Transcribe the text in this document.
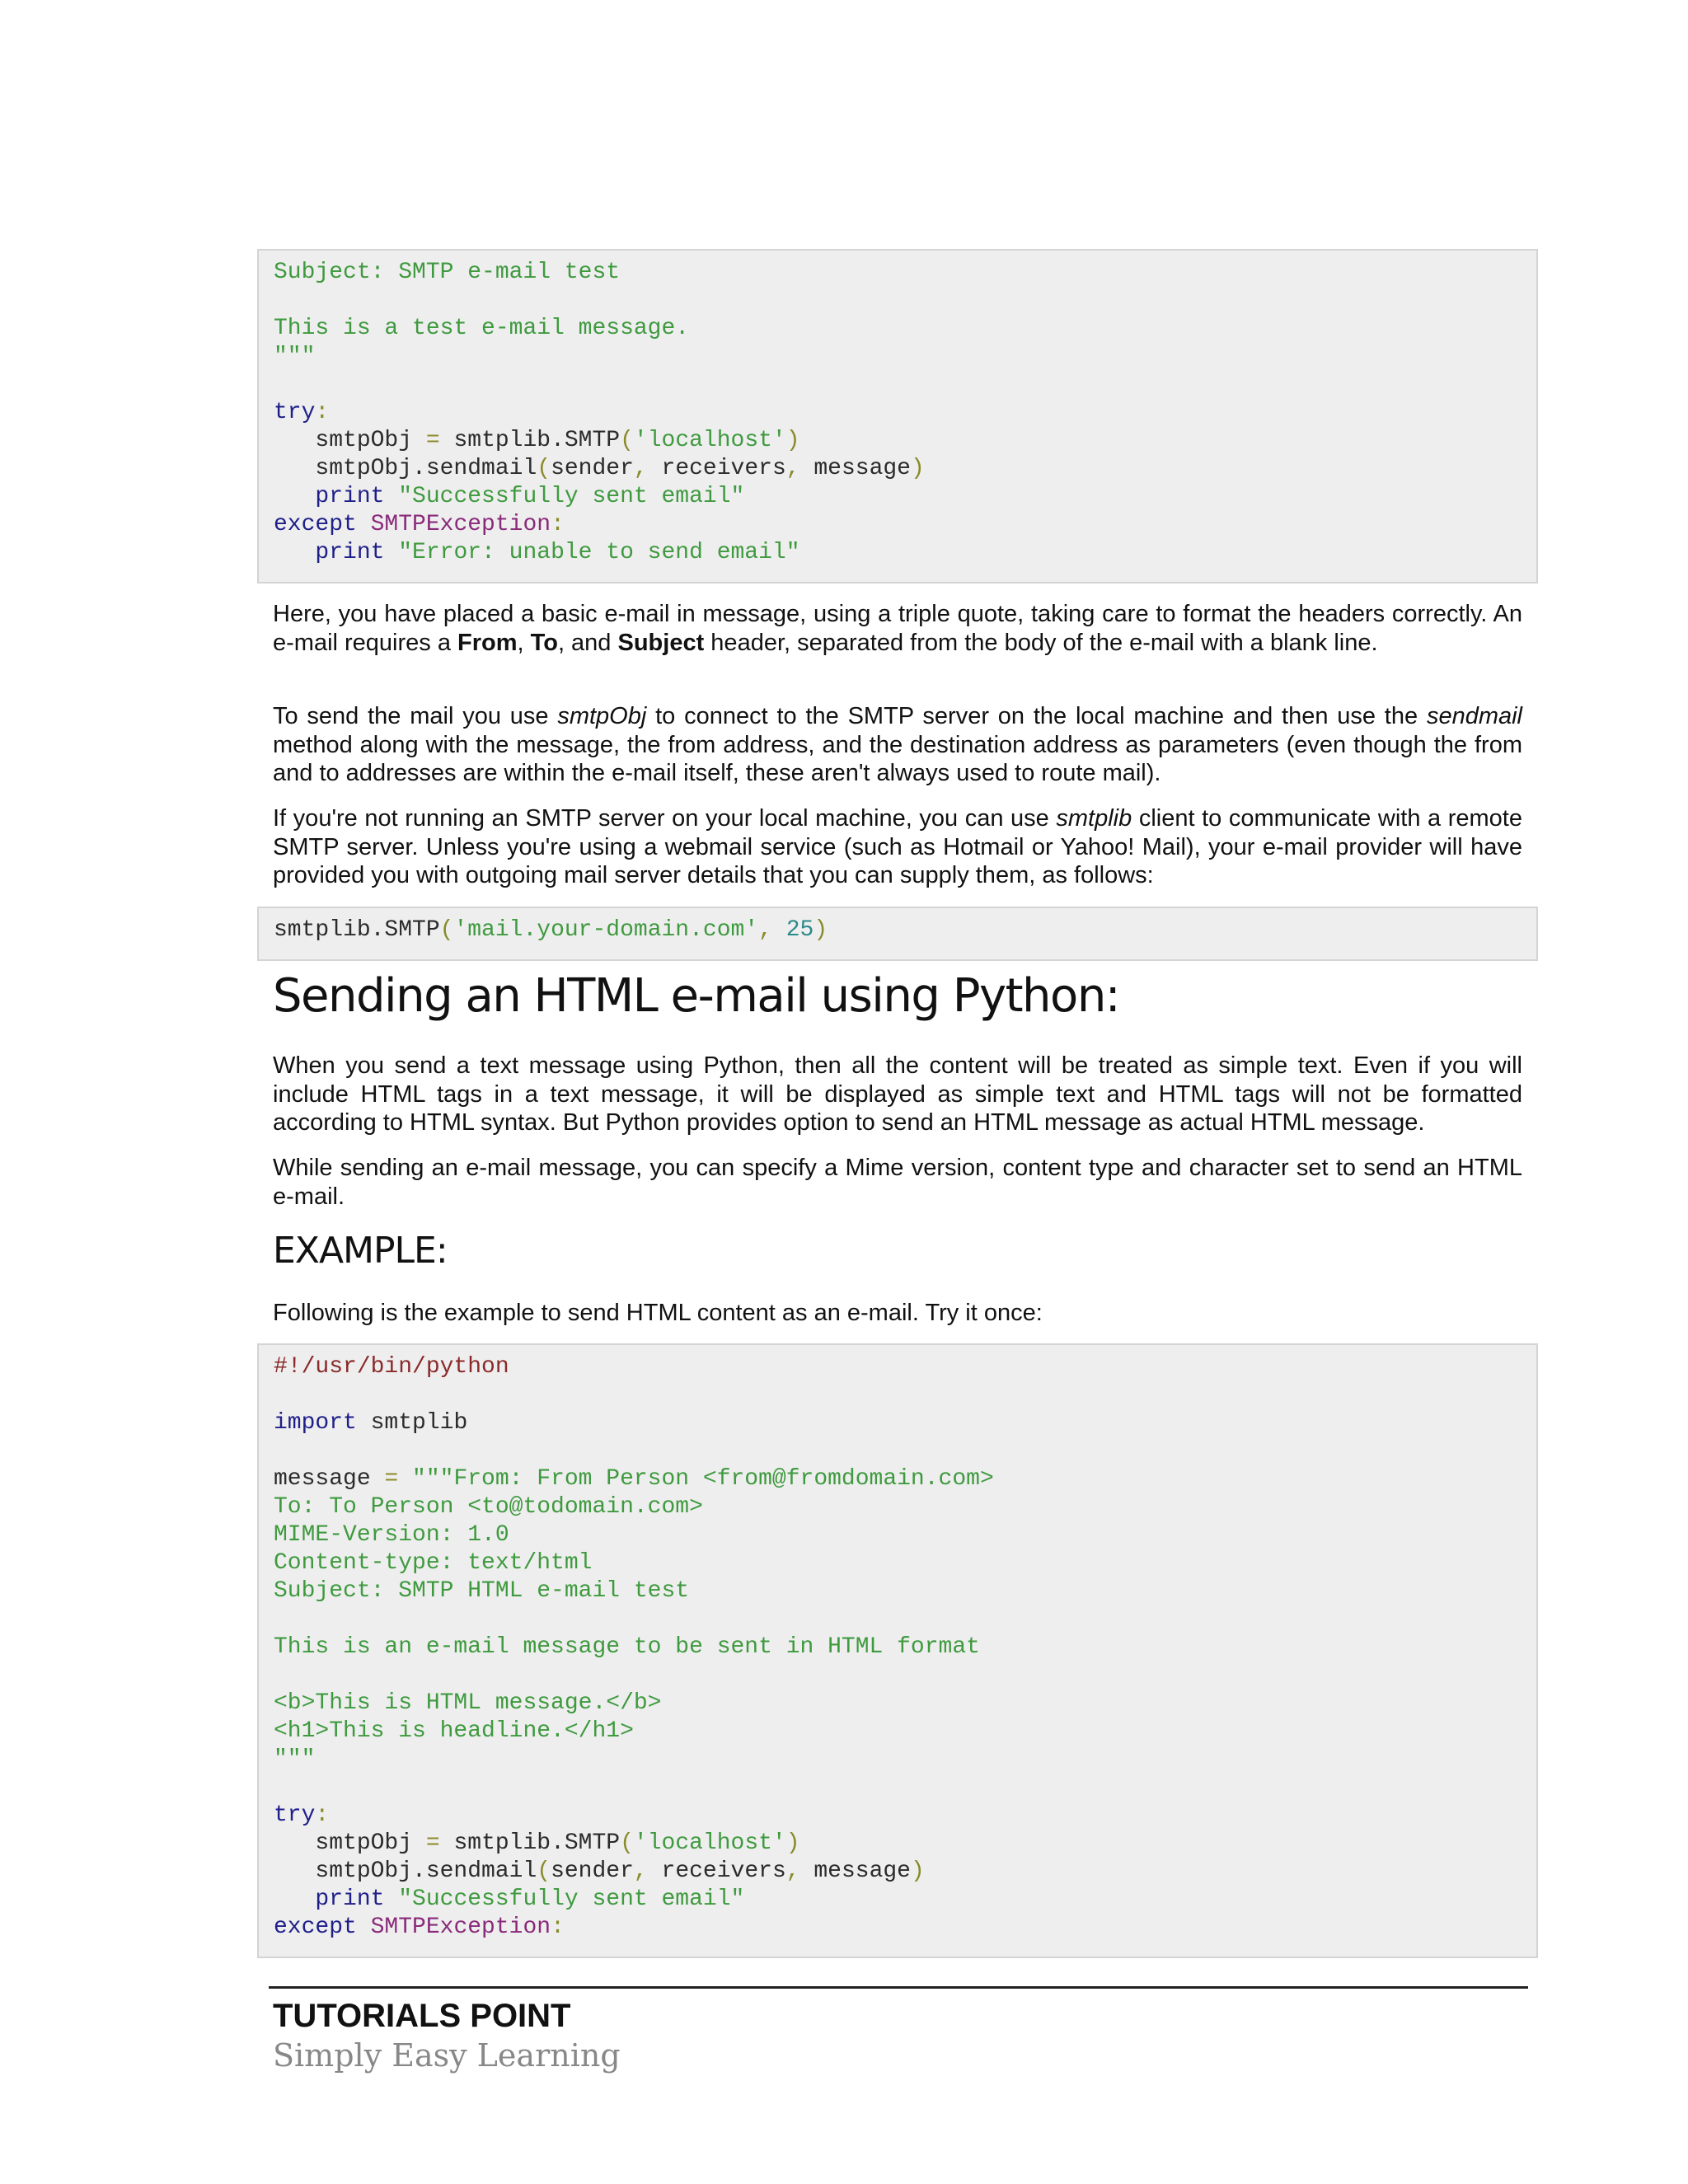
Subject: SMTP e-mail test
This is a test e-mail message.
"""
try:
smtpObj = smtplib.SMTP('localhost')
smtpObj.sendmail(sender, receivers, message)
print "Successfully sent email"
except SMTPException:
print "Error: unable to send email"

Here, you have placed a basic e-mail in message, using a triple quote, taking care to format the headers correctly. An e-mail requires a From, To, and Subject header, separated from the body of the e-mail with a blank line.

To send the mail you use smtpObj to connect to the SMTP server on the local machine and then use the sendmail method along with the message, the from address, and the destination address as parameters (even though the from and to addresses are within the e-mail itself, these aren't always used to route mail).

If you're not running an SMTP server on your local machine, you can use smtplib client to communicate with a remote SMTP server. Unless you're using a webmail service (such as Hotmail or Yahoo! Mail), your e-mail provider will have provided you with outgoing mail server details that you can supply them, as follows:

smtplib.SMTP('mail.your-domain.com', 25)
Sending an HTML e-mail using Python:

When you send a text message using Python, then all the content will be treated as simple text. Even if you will include HTML tags in a text message, it will be displayed as simple text and HTML tags will not be formatted according to HTML syntax. But Python provides option to send an HTML message as actual HTML message.

While sending an e-mail message, you can specify a Mime version, content type and character set to send an HTML e-mail.

EXAMPLE:

Following is the example to send HTML content as an e-mail. Try it once:

#!/usr/bin/python
import smtplib
message = """From: From Person <from@fromdomain.com>
To: To Person <to@todomain.com>
MIME-Version: 1.0
Content-type: text/html
Subject: SMTP HTML e-mail test
This is an e-mail message to be sent in HTML format
<b>This is HTML message.</b>
<h1>This is headline.</h1>
"""
try:
smtpObj = smtplib.SMTP('localhost')
smtpObj.sendmail(sender, receivers, message)
print "Successfully sent email"
except SMTPException:
TUTORIALS POINT
Simply Easy Learning
